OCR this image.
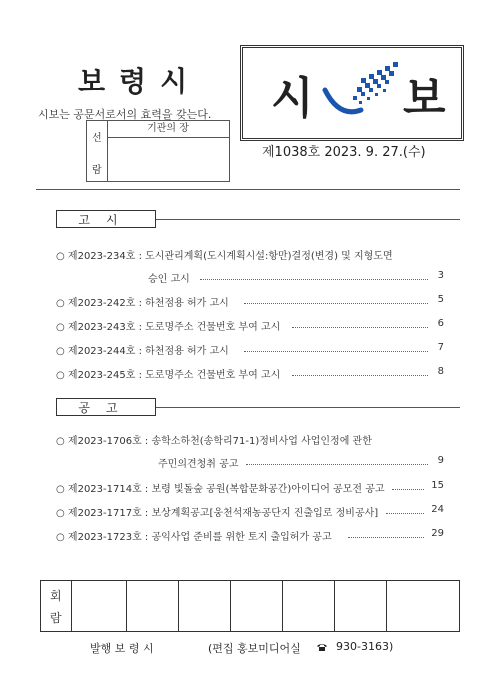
보령시
시보는 공문서로서의 효력을 갖는다.
선
람
기관의 장
시 보
제1038호 2023. 9. 27.(수)
고시
○ 제2023-234호 : 도시관리계획(도시계획시설:항만)결정(변경) 및 지형도면
승인 고시	3
○ 제2023-242호 : 하천점용 허가 고시	5
○ 제2023-243호 : 도로명주소 건물번호 부여 고시	6
○ 제2023-244호 : 하천점용 허가 고시	7
○ 제2023-245호 : 도로명주소 건물번호 부여 고시	8
공고
○ 제2023-1706호 : 송학소하천(송학리71-1)정비사업 사업인정에 관한
주민의견청취 공고	9
○ 제2023-1714호 : 보령 빛돌숲 공원(복합문화공간)아이디어 공모전 공고	15
○ 제2023-1717호 : 보상계획공고[웅천석재농공단지 진출입로 정비공사]	24
○ 제2023-1723호 : 공익사업 준비를 위한 토지 출입허가 공고	29
회
람
발행 보 령 시	(편집 홍보미디어실	930-3163)
